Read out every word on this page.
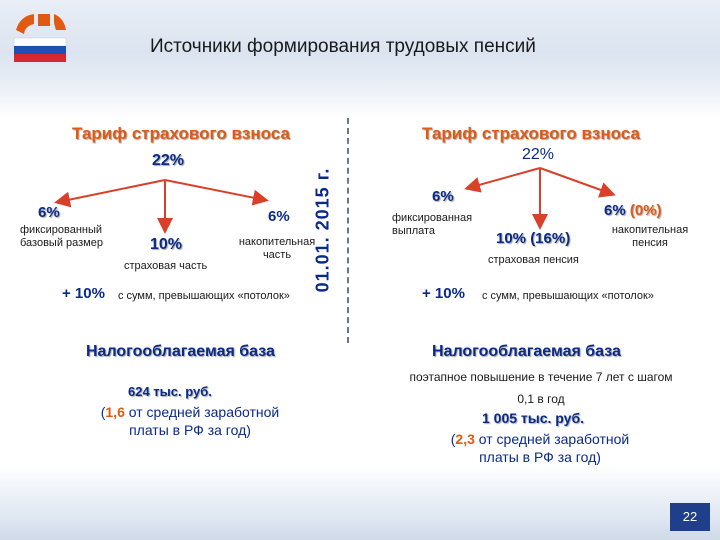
Источники формирования трудовых пенсий
Тариф страхового взноса
22%
6%
фиксированный базовый размер	10%
страховая часть
6%
накопительная часть
+ 10% с сумм, превышающих «потолок»
Налогооблагаемая база
624 тыс. руб.
(1,6 от средней заработной
платы в РФ за год)
01.01. 2015 г.
Тариф страхового взноса
22%
6%
фиксированная выплата	10% (16%)
страховая пенсия
6% (0%)
накопительная пенсия
+ 10% с сумм, превышающих «потолок»
Налогооблагаемая база
поэтапное повышение в течение 7 лет с шагом 0,1 в год
1 005 тыс. руб.
(2,3 от средней заработной
платы в РФ за год)
22
